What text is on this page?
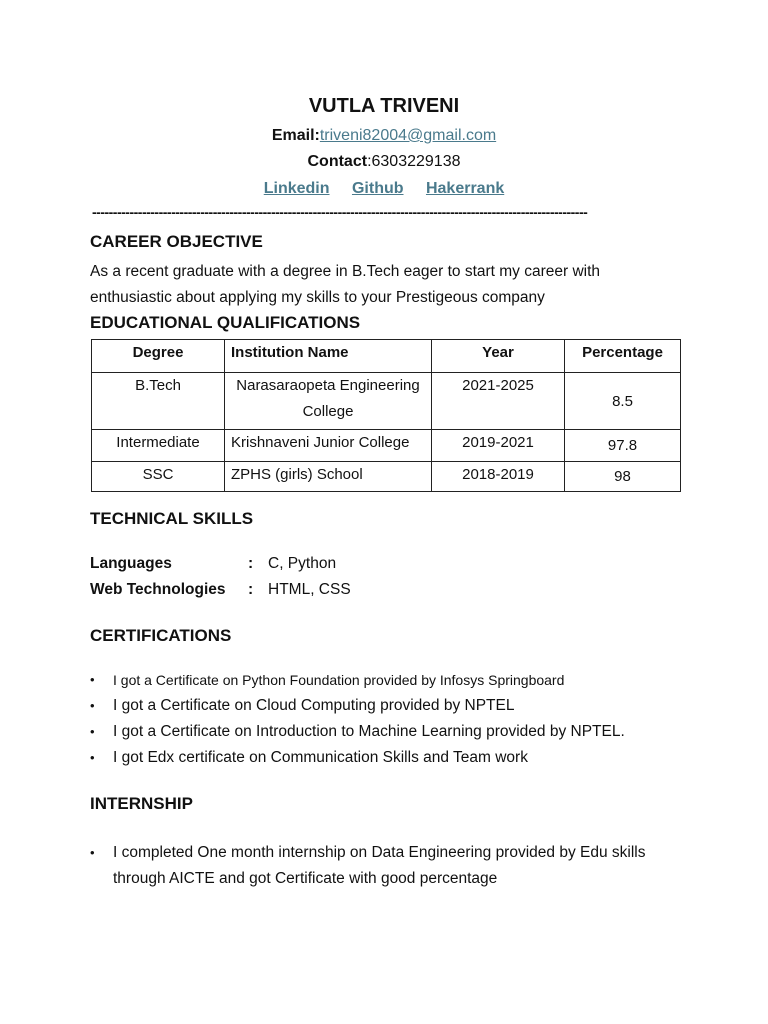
VUTLA TRIVENI
Email:triveni82004@gmail.com
Contact:6303229138
Linkedin Github Hakerrank
-----------------------------------------------------------------------------------------------------------------------
CAREER OBJECTIVE
As a recent graduate with a degree in B.Tech eager to start my career with
enthusiastic about applying my skills to your Prestigeous company
EDUCATIONAL QUALIFICATIONS
Degree	Institution Name	Year	Percentage
B.Tech	Narasaraopeta Engineering College	2021-2025	8.5
Intermediate	Krishnaveni Junior College	2019-2021	97.8
SSC	ZPHS (girls) School	2018-2019	98
TECHNICAL SKILLS
Languages	: C, Python
Web Technologies : HTML, CSS
CERTIFICATIONS
• I got a Certificate on Python Foundation provided by Infosys Springboard
• I got a Certificate on Cloud Computing provided by NPTEL
• I got a Certificate on Introduction to Machine Learning provided by NPTEL.
• I got Edx certificate on Communication Skills and Team work
INTERNSHIP
• I completed One month internship on Data Engineering provided by Edu skills through AICTE and got Certificate with good percentage
